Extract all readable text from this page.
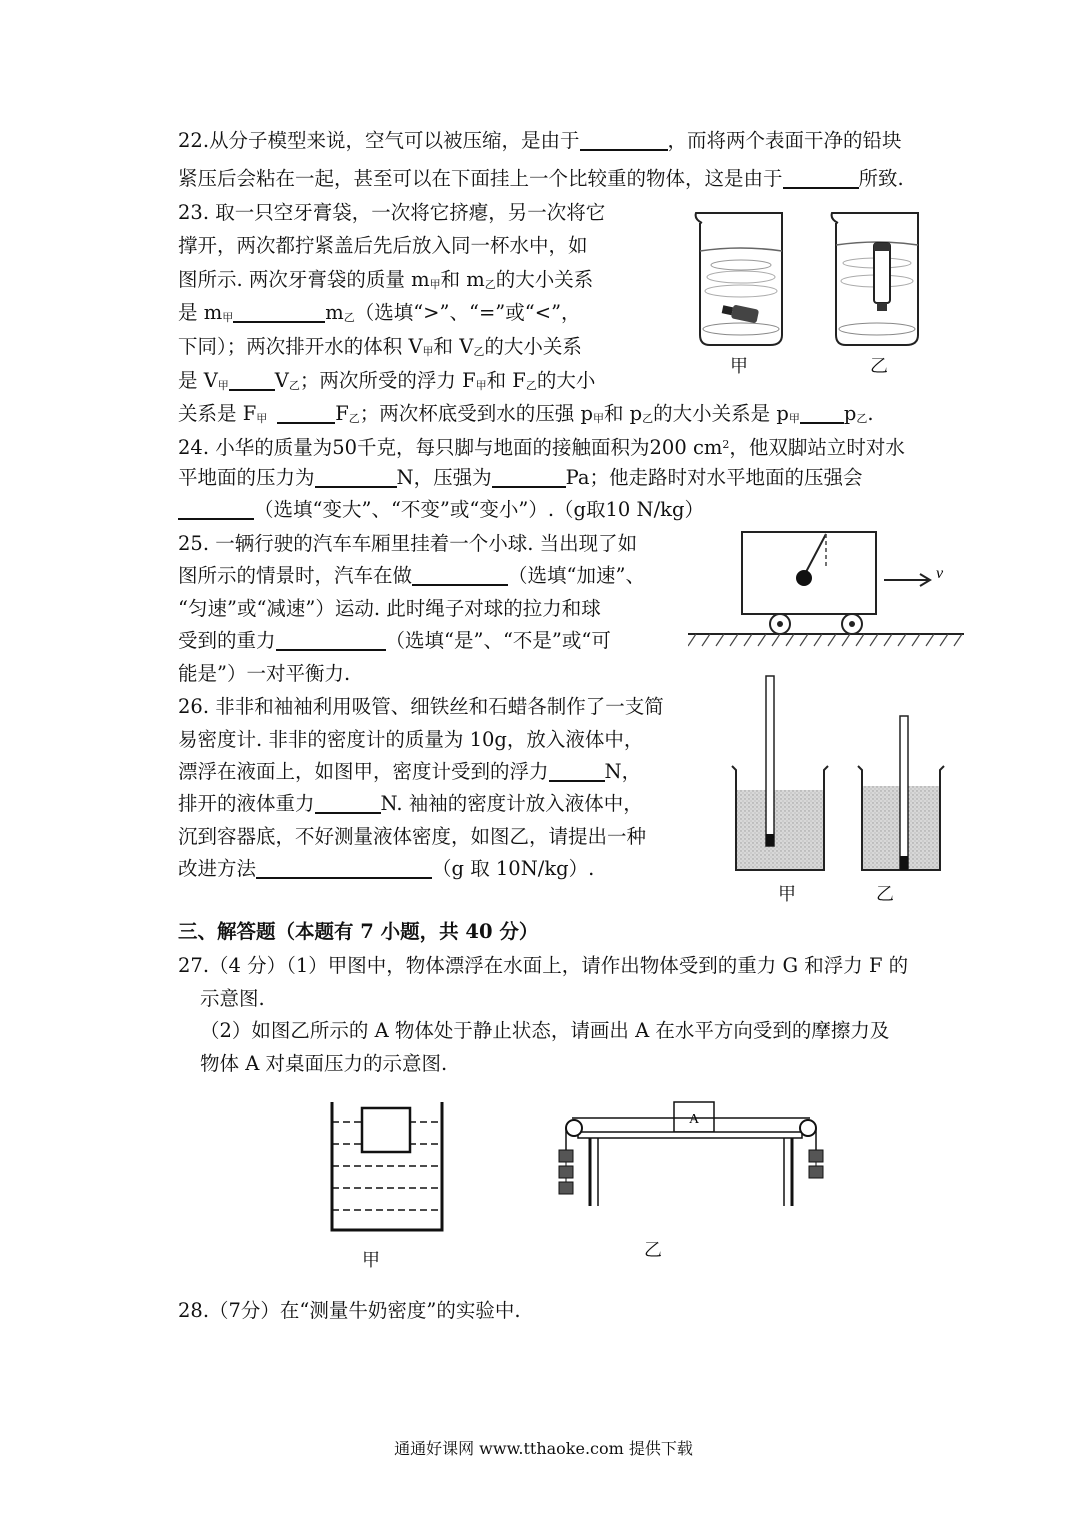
22.从分子模型来说，空气可以被压缩，是由于	，而将两个表面干净的铅块
紧压后会粘在一起，甚至可以在下面挂上一个比较重的物体，这是由于	所致.
23. 取一只空牙膏袋，一次将它挤瘪，另一次将它
撑开，两次都拧紧盖后先后放入同一杯水中，如
图所示. 两次牙膏袋的质量 $m_甲$和 $m_乙$的大小关系
是 $m_甲$	$m_乙$（选填“>”、“=”或“<”，
下同）；两次排开水的体积 $V_甲$和 $V_乙$的大小关系
是 $V_甲$ $V_乙$；两次所受的浮力 $F_甲$和 $F_乙$的大小
关系是 $F_甲$	$F_乙$；两次杯底受到水的压强 $p_甲$和 $p_乙$的大小关系是 $p_甲$ $p_乙$.
甲	乙
24. 小华的质量为50千克，每只脚与地面的接触面积为200 $cm^2$，他双脚站立时对水
平地面的压力为	N，压强为	Pa；他走路时对水平地面的压强会
（选填“变大”、“不变”或“变小”）.（g取10 N/kg）
25. 一辆行驶的汽车车厢里挂着一个小球. 当出现了如
图所示的情景时，汽车在做	（选填“加速”、
“匀速”或“减速”）运动. 此时绳子对球的拉力和球
受到的重力	（选填“是”、“不是”或“可
能是”）一对平衡力.
v
26. 非非和袖袖利用吸管、细铁丝和石蜡各制作了一支简
易密度计. 非非的密度计的质量为 10g，放入液体中，
漂浮在液面上，如图甲，密度计受到的浮力	N，
排开的液体重力	N. 袖袖的密度计放入液体中，
沉到容器底，不好测量液体密度，如图乙，请提出一种
改进方法	（g 取 10N/kg）.
甲	乙
三、解答题（本题有 7 小题，共 40 分）
27.（4 分）（1）甲图中，物体漂浮在水面上，请作出物体受到的重力 G 和浮力 F 的
示意图.
（2）如图乙所示的 A 物体处于静止状态，请画出 A 在水平方向受到的摩擦力及
物体 A 对桌面压力的示意图.
甲
A
乙
28.（7分）在“测量牛奶密度”的实验中.
通通好课网 www.tthaoke.com 提供下载
